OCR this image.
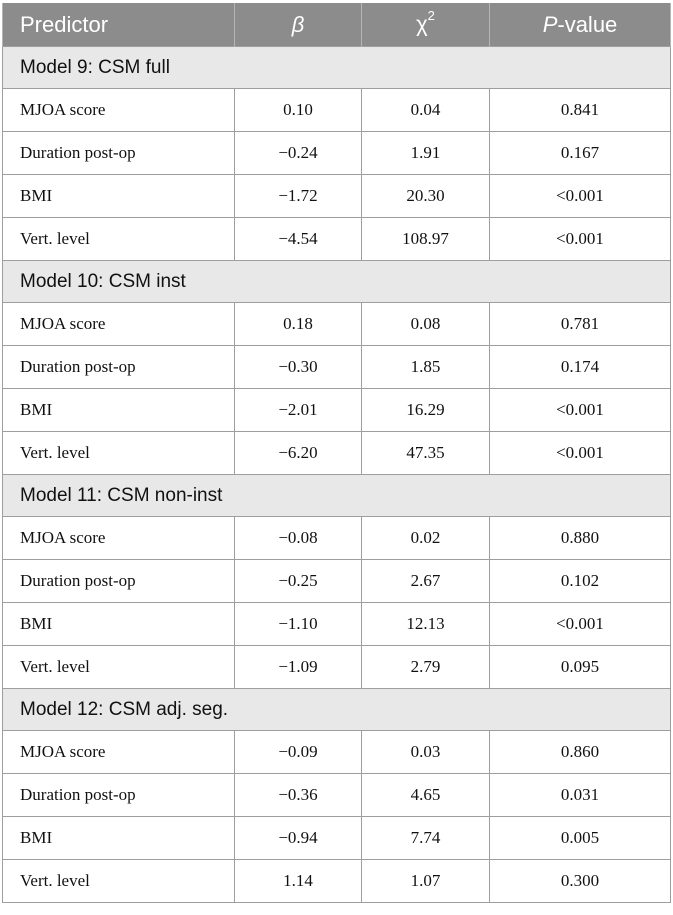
Predictor	β	$\chi^2$	P-value
Model 9: CSM full			
MJOA score	0.10	0.04	0.841
Duration post-op	−0.24	1.91	0.167
BMI	−1.72	20.30	<0.001
Vert. level	−4.54	108.97	<0.001
Model 10: CSM inst			
MJOA score	0.18	0.08	0.781
Duration post-op	−0.30	1.85	0.174
BMI	−2.01	16.29	<0.001
Vert. level	−6.20	47.35	<0.001
Model 11: CSM non-inst			
MJOA score	−0.08	0.02	0.880
Duration post-op	−0.25	2.67	0.102
BMI	−1.10	12.13	<0.001
Vert. level	−1.09	2.79	0.095
Model 12: CSM adj. seg.			
MJOA score	−0.09	0.03	0.860
Duration post-op	−0.36	4.65	0.031
BMI	−0.94	7.74	0.005
Vert. level	1.14	1.07	0.300
